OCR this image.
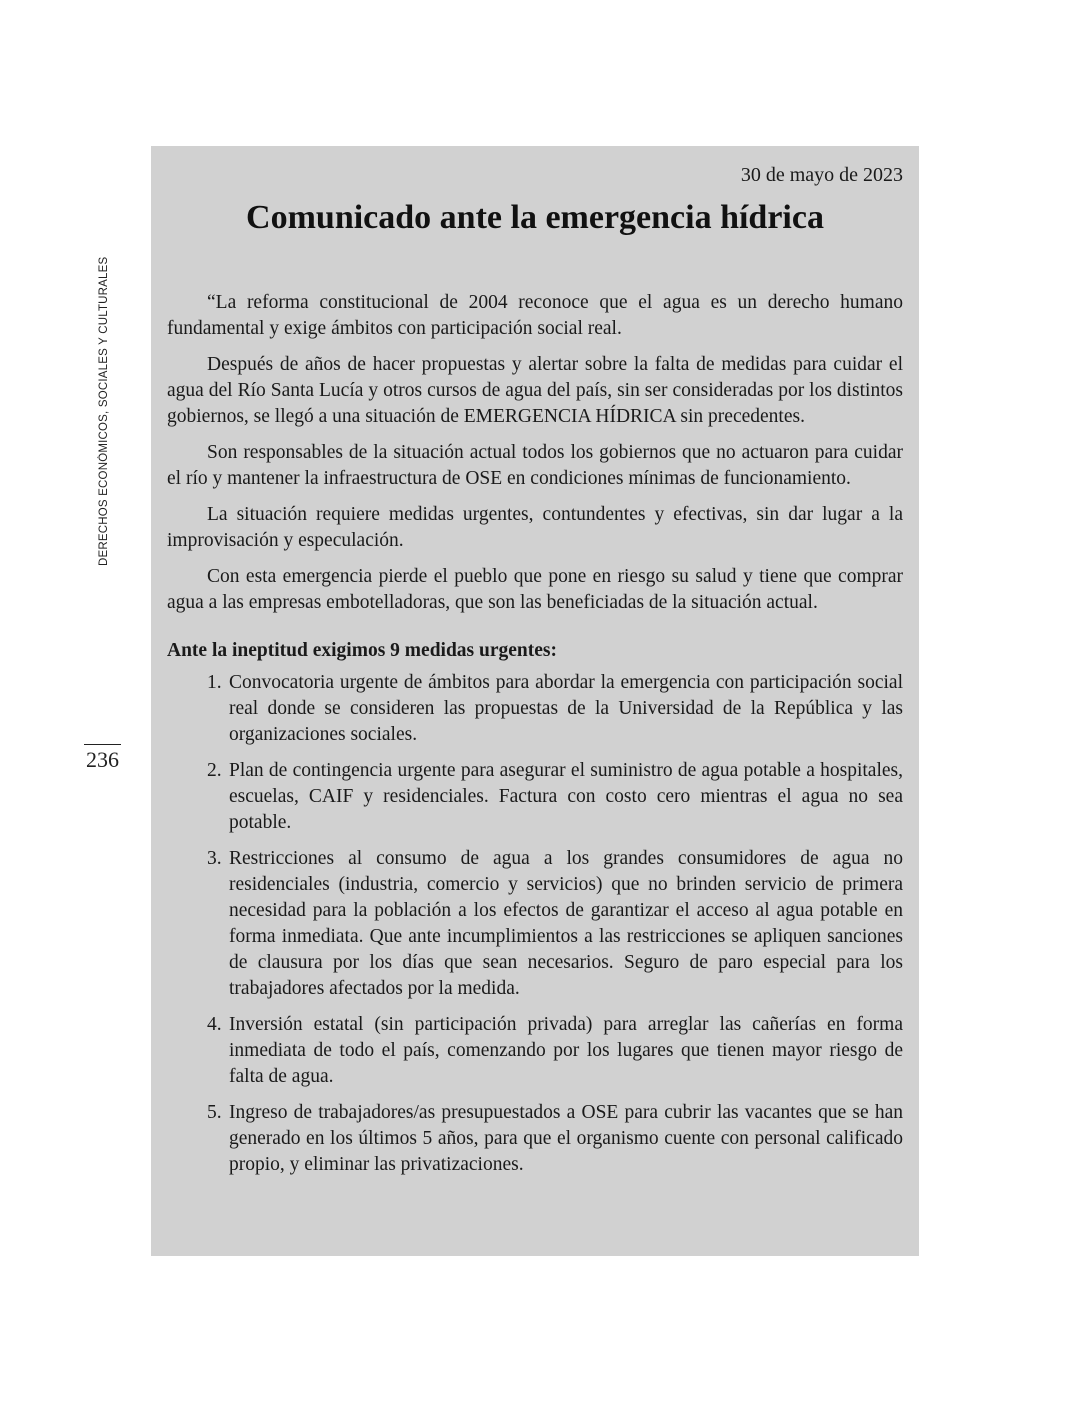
DERECHOS ECONÓMICOS, SOCIALES Y CULTURALES
236
30 de mayo de 2023
Comunicado ante la emergencia hídrica

“La reforma constitucional de 2004 reconoce que el agua es un derecho humano fundamental y exige ámbitos con participación social real.

Después de años de hacer propuestas y alertar sobre la falta de medidas para cuidar el agua del Río Santa Lucía y otros cursos de agua del país, sin ser consideradas por los distintos gobiernos, se llegó a una situación de EMERGENCIA HÍDRICA sin precedentes.

Son responsables de la situación actual todos los gobiernos que no actuaron para cuidar el río y mantener la infraestructura de OSE en condiciones mínimas de funcionamiento.

La situación requiere medidas urgentes, contundentes y efectivas, sin dar lugar a la improvisación y especulación.

Con esta emergencia pierde el pueblo que pone en riesgo su salud y tiene que comprar agua a las empresas embotelladoras, que son las beneficiadas de la situación actual.

Ante la ineptitud exigimos 9 medidas urgentes:
1. Convocatoria urgente de ámbitos para abordar la emergencia con participación social real donde se consideren las propuestas de la Universidad de la República y las organizaciones sociales.
2. Plan de contingencia urgente para asegurar el suministro de agua potable a hospitales, escuelas, CAIF y residenciales. Factura con costo cero mientras el agua no sea potable.
3. Restricciones al consumo de agua a los grandes consumidores de agua no residenciales (industria, comercio y servicios) que no brinden servicio de primera necesidad para la población a los efectos de garantizar el acceso al agua potable en forma inmediata. Que ante incumplimientos a las restricciones se apliquen sanciones de clausura por los días que sean necesarios. Seguro de paro especial para los trabajadores afectados por la medida.
4. Inversión estatal (sin participación privada) para arreglar las cañerías en forma inmediata de todo el país, comenzando por los lugares que tienen mayor riesgo de falta de agua.
5. Ingreso de trabajadores/as presupuestados a OSE para cubrir las vacantes que se han generado en los últimos 5 años, para que el organismo cuente con personal calificado propio, y eliminar las privatizaciones.
